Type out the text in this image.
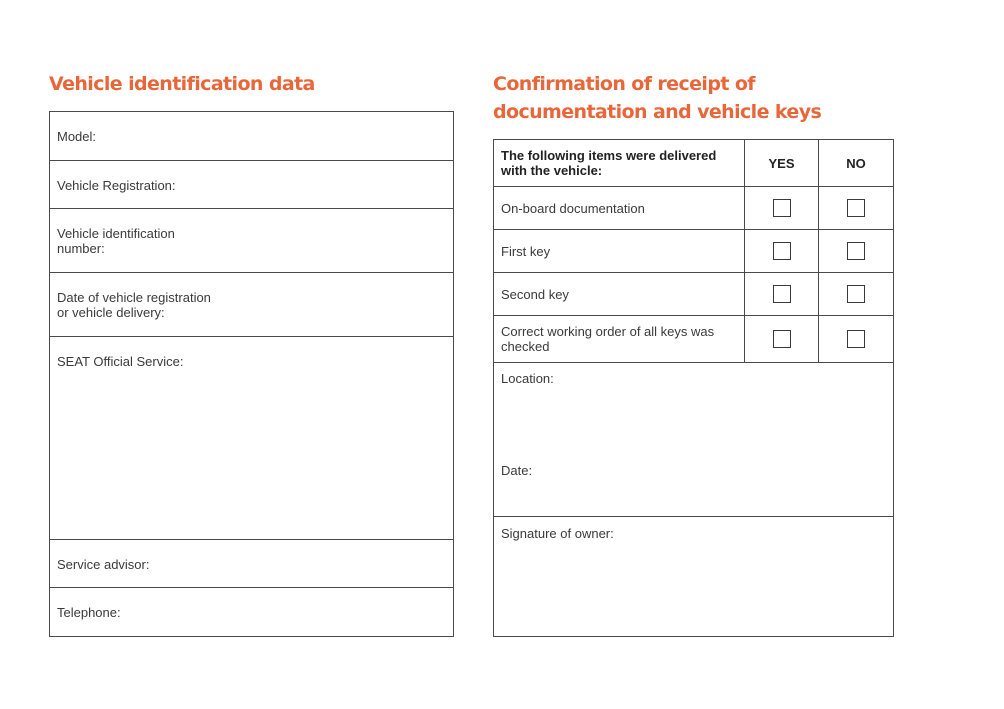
Vehicle identification data
Model:
Vehicle Registration:
Vehicle identification number:
Date of vehicle registration or vehicle delivery:
SEAT Official Service:
Service advisor:
Telephone:
Confirmation of receipt of documentation and vehicle keys
The following items were delivered with the vehicle:	YES	NO
On-board documentation		
First key		
Second key		
Correct working order of all keys was checked		

Location:
Date:		

Signature of owner:		
